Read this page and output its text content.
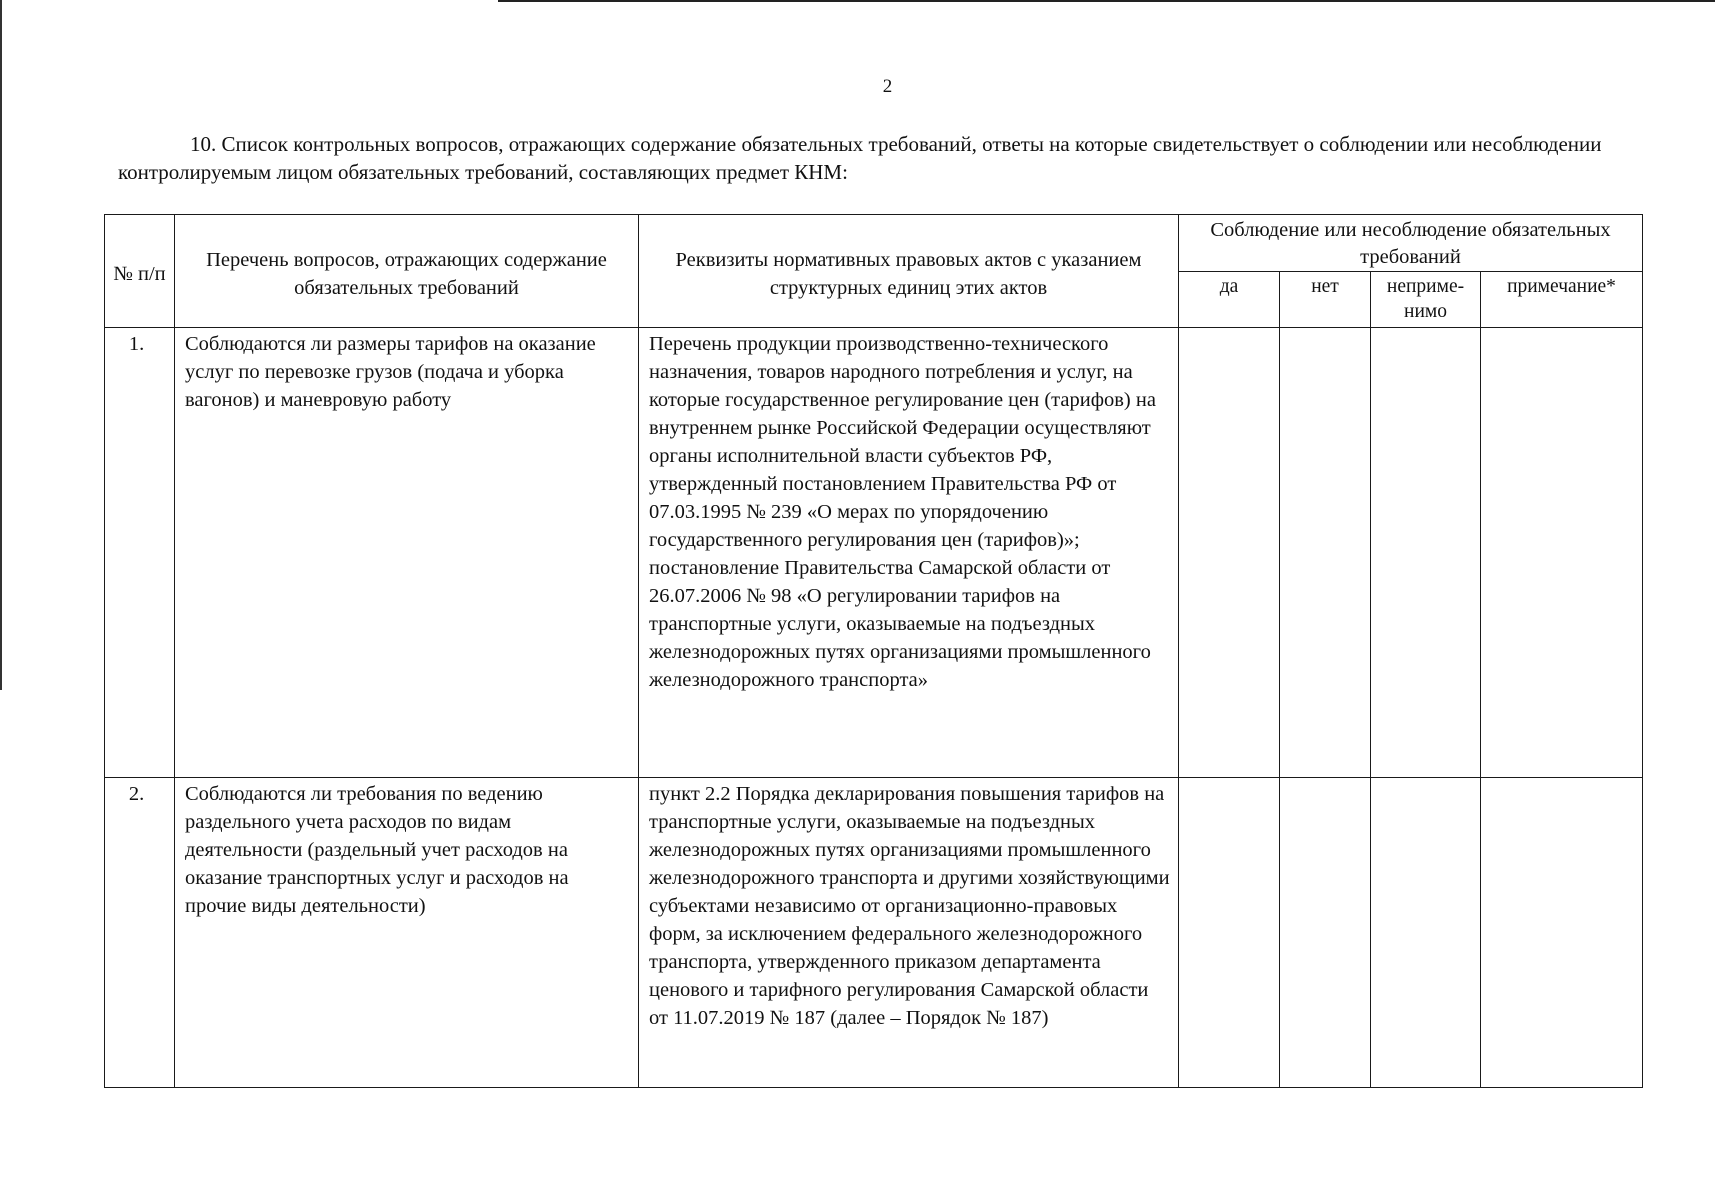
2

10. Список контрольных вопросов, отражающих содержание обязательных требований, ответы на которые свидетельствует о соблюдении или несоблюдении контролируемым лицом обязательных требований, составляющих предмет КНМ:

№ п/п	Перечень вопросов, отражающих содержание обязательных требований	Реквизиты нормативных правовых актов с указанием структурных единиц этих актов	Соблюдение или несоблюдение обязательных требований			
			да	нет	неприме-нимо	примечание*
1.	Соблюдаются ли размеры тарифов на оказание услуг по перевозке грузов (подача и уборка вагонов) и маневровую работу	Перечень продукции производственно-технического назначения, товаров народного потребления и услуг, на которые государственное регулирование цен (тарифов) на внутреннем рынке Российской Федерации осуществляют органы исполнительной власти субъектов РФ, утвержденный постановлением Правительства РФ от 07.03.1995 № 239 «О мерах по упорядочению государственного регулирования цен (тарифов)»; постановление Правительства Самарской области от 26.07.2006 № 98 «О регулировании тарифов на транспортные услуги, оказываемые на подъездных железнодорожных путях организациями промышленного железнодорожного транспорта»				
2.	Соблюдаются ли требования по ведению раздельного учета расходов по видам деятельности (раздельный учет расходов на оказание транспортных услуг и расходов на прочие виды деятельности)	пункт 2.2 Порядка декларирования повышения тарифов на транспортные услуги, оказываемые на подъездных железнодорожных путях организациями промышленного железнодорожного транспорта и другими хозяйствующими субъектами независимо от организационно-правовых форм, за исключением федерального железнодорожного транспорта, утвержденного приказом департамента ценового и тарифного регулирования Самарской области от 11.07.2019 № 187 (далее – Порядок № 187)				
